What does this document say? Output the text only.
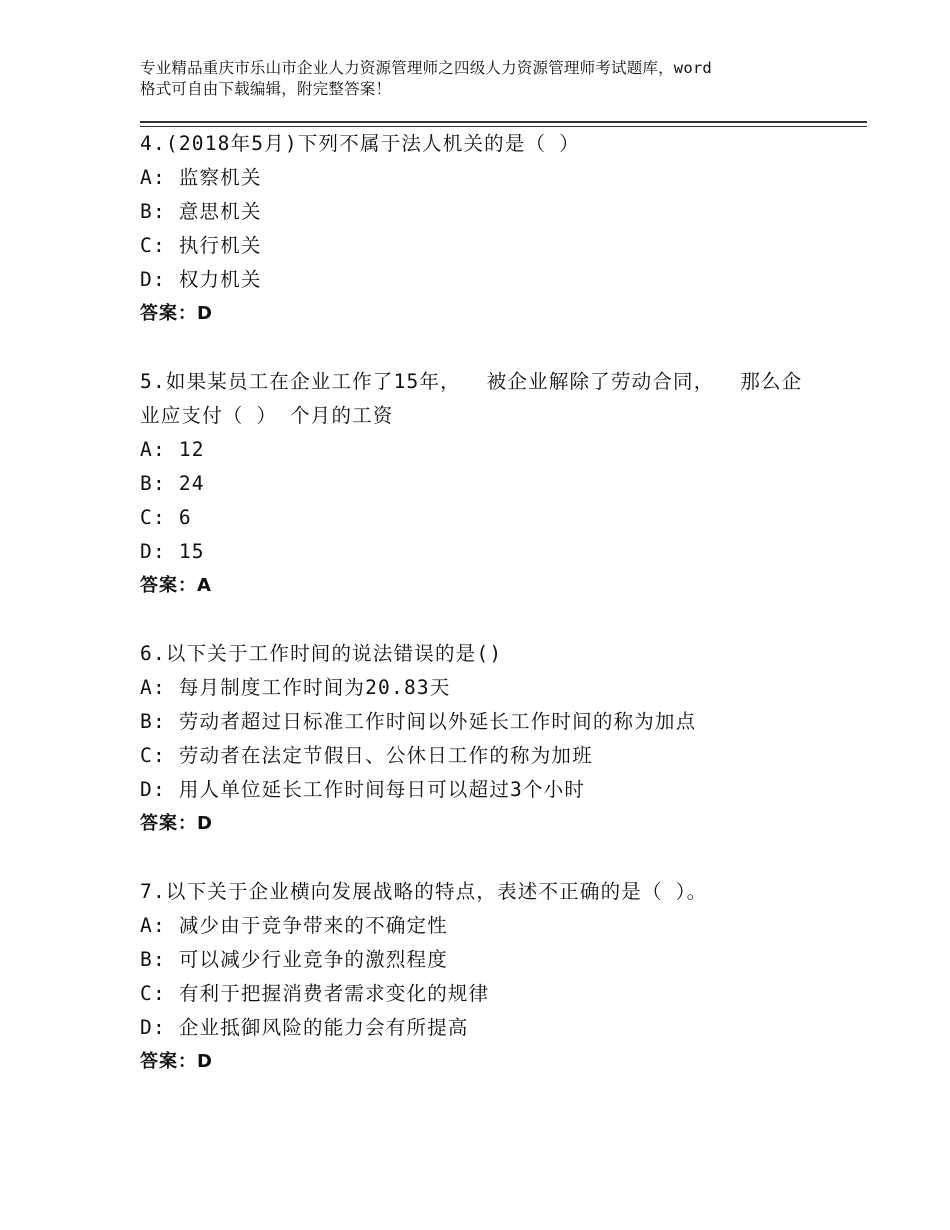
专业精品重庆市乐山市企业人力资源管理师之四级人力资源管理师考试题库，word
格式可自由下载编辑，附完整答案！
4.(2018年5月)下列不属于法人机关的是（ ）
A: 监察机关
B: 意思机关
C: 执行机关
D: 权力机关
答案：D
5.如果某员工在企业工作了15年，  被企业解除了劳动合同，  那么企
业应支付（ ） 个月的工资
A: 12
B: 24
C: 6
D: 15
答案：A
6.以下关于工作时间的说法错误的是()
A: 每月制度工作时间为20.83天
B: 劳动者超过日标准工作时间以外延长工作时间的称为加点
C: 劳动者在法定节假日、公休日工作的称为加班
D: 用人单位延长工作时间每日可以超过3个小时
答案：D
7.以下关于企业横向发展战略的特点，表述不正确的是（ ）。
A: 减少由于竞争带来的不确定性
B: 可以减少行业竞争的激烈程度
C: 有利于把握消费者需求变化的规律
D: 企业抵御风险的能力会有所提高
答案：D
